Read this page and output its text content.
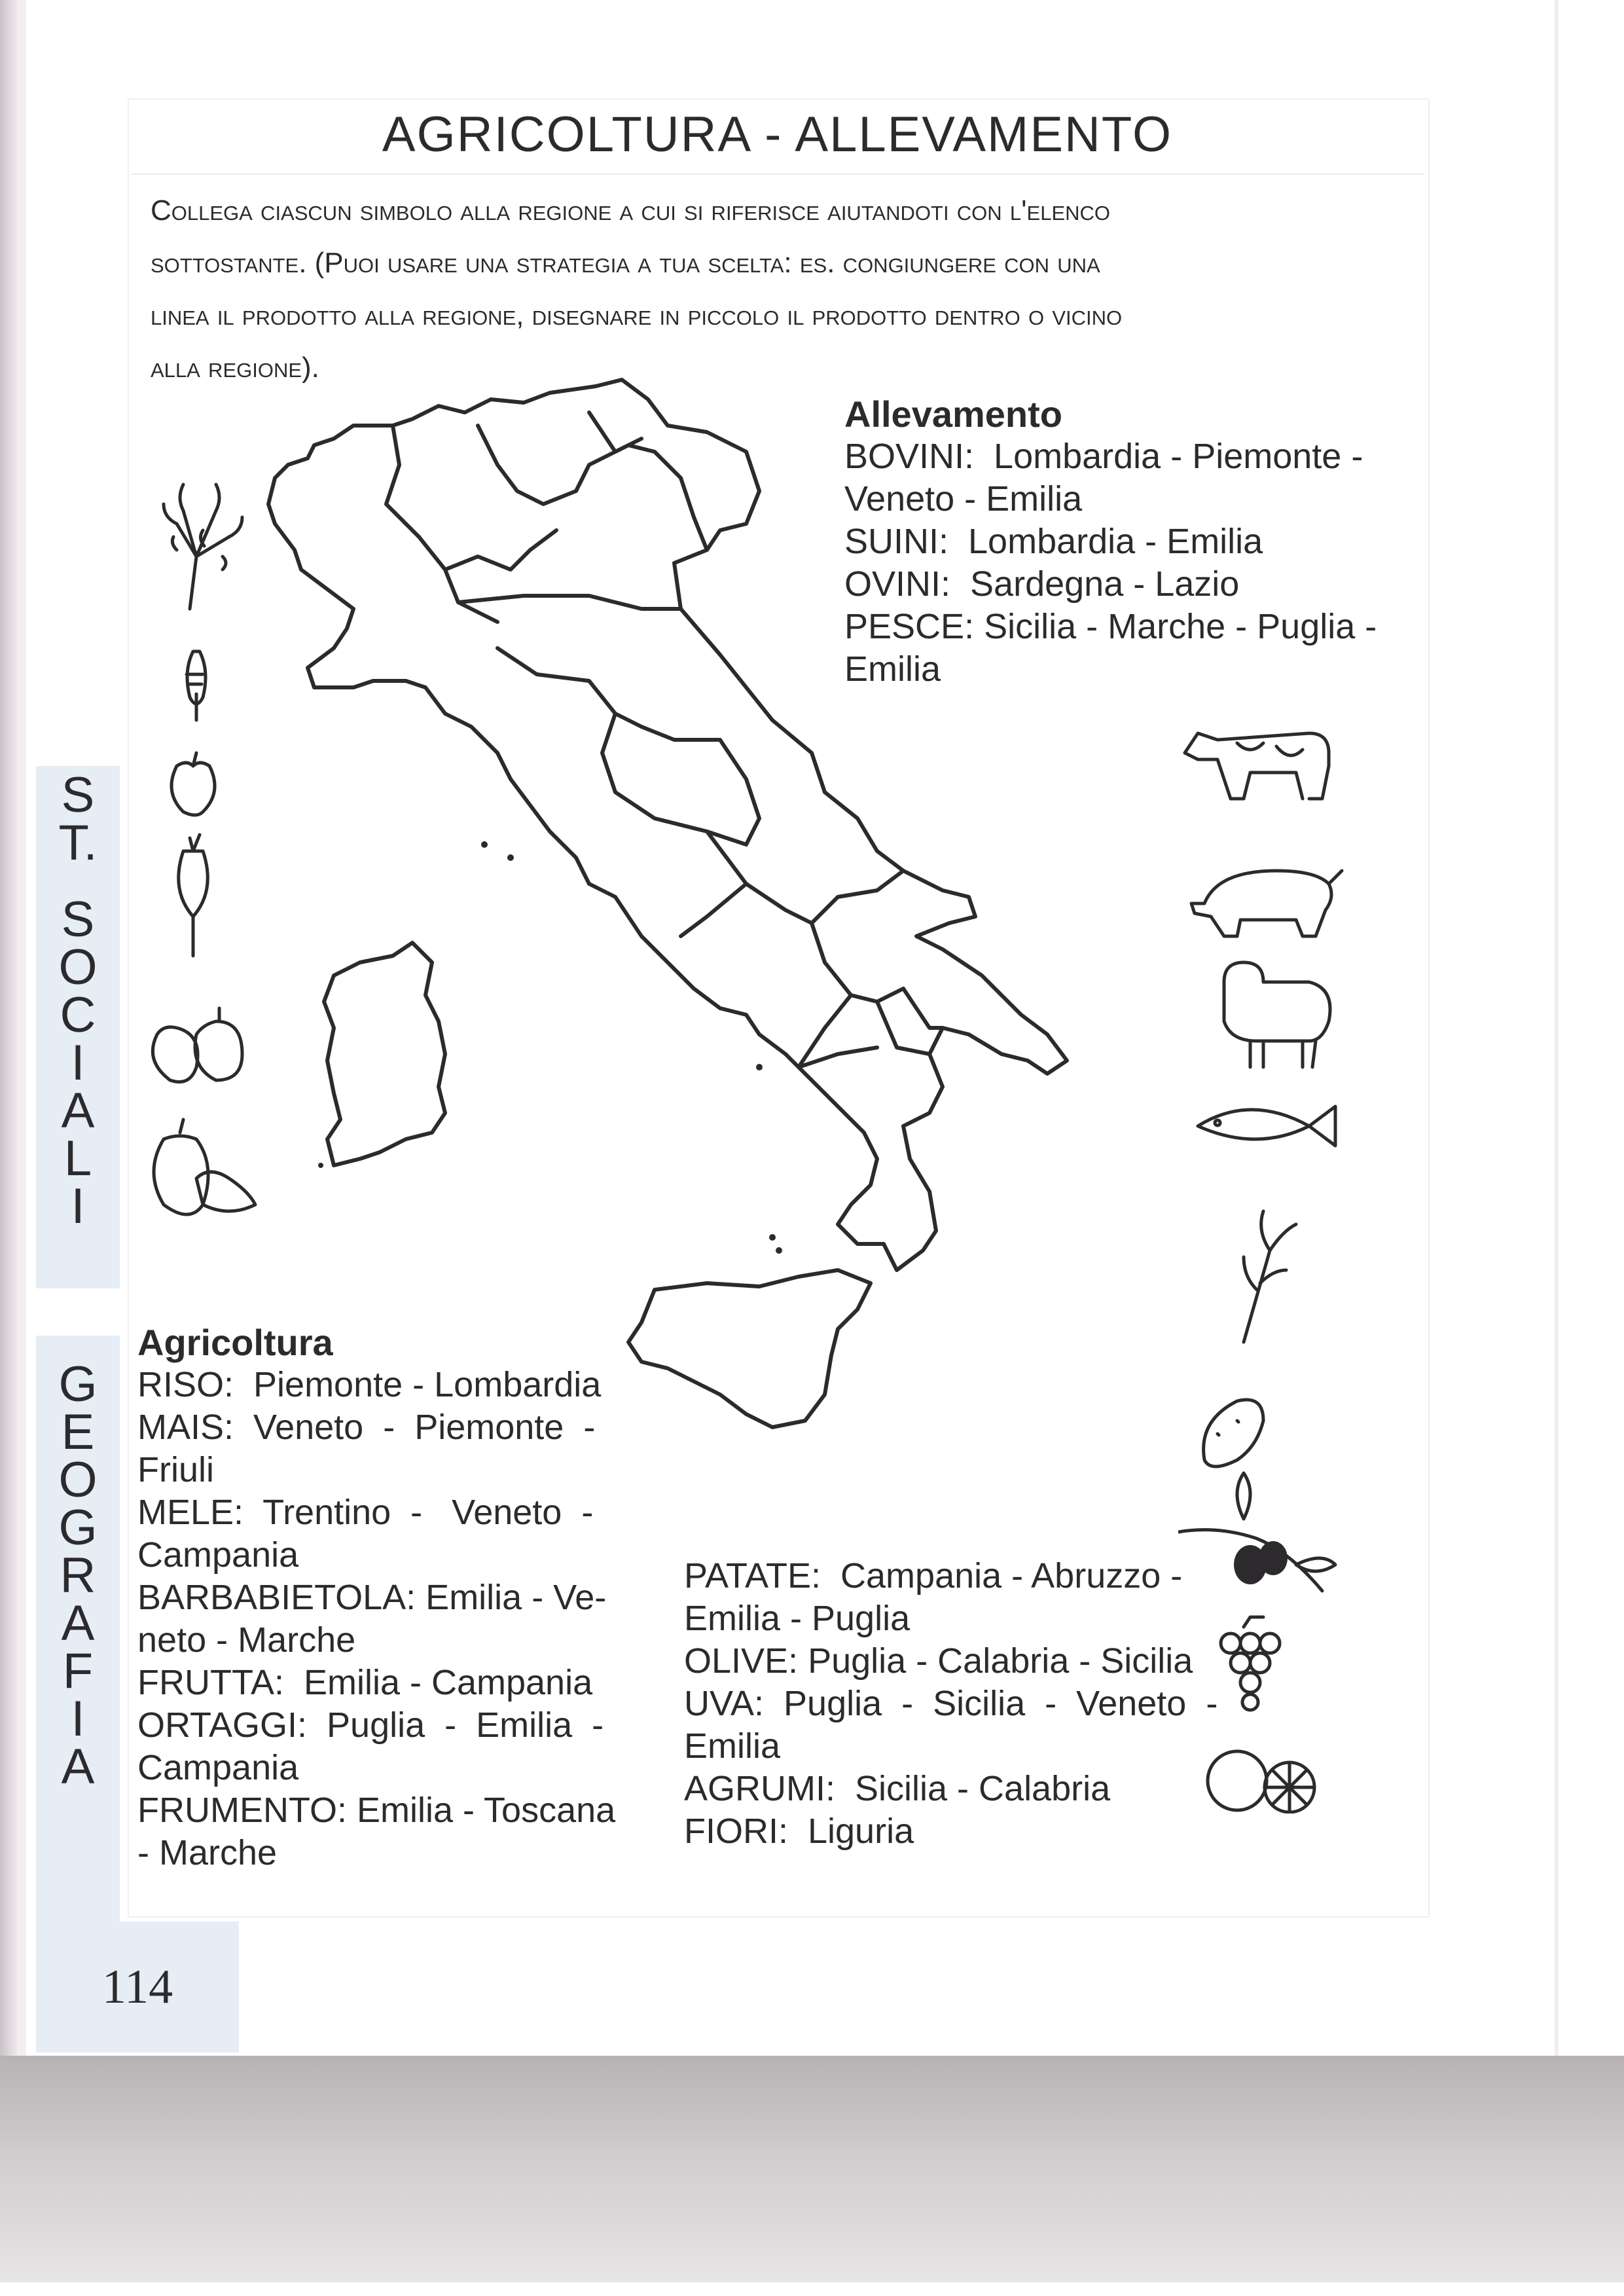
AGRICOLTURA - ALLEVAMENTO
Collega ciascun simbolo alla regione a cui si riferisce aiutandoti con l'elenco
sottostante. (Puoi usare una strategia a tua scelta: es. congiungere con una
linea il prodotto alla regione, disegnare in piccolo il prodotto dentro o vicino
alla regione).
S
T.
S
O
C
I
A
L
I
G
E
O
G
R
A
F
I
A
114
Allevamento
BOVINI:  Lombardia - Piemonte -
Veneto - Emilia
SUINI:  Lombardia - Emilia
OVINI:  Sardegna - Lazio
PESCE: Sicilia - Marche - Puglia -
Emilia
Agricoltura
RISO:  Piemonte - Lombardia
MAIS:  Veneto  -  Piemonte  -
Friuli
MELE:  Trentino  -   Veneto  -
Campania
BARBABIETOLA: Emilia - Ve-
neto - Marche
FRUTTA:  Emilia - Campania
ORTAGGI:  Puglia  -  Emilia  -
Campania
FRUMENTO: Emilia - Toscana
- Marche
PATATE:  Campania - Abruzzo -
Emilia - Puglia
OLIVE: Puglia - Calabria - Sicilia
UVA:  Puglia  -  Sicilia  -  Veneto  -
Emilia
AGRUMI:  Sicilia - Calabria
FIORI:  Liguria
